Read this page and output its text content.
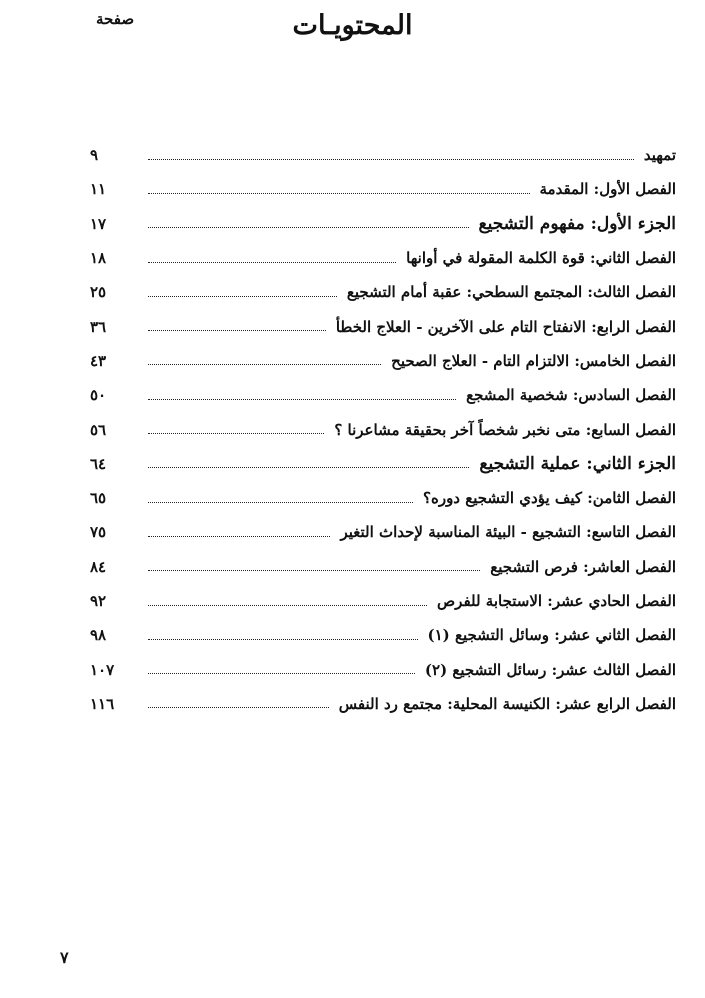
المحتويـات
صفحة
تمهيد
٩
الفصل الأول: المقدمة
١١
الجزء الأول: مفهوم التشجيع
١٧
الفصل الثاني: قوة الكلمة المقولة في أوانها
١٨
الفصل الثالث: المجتمع السطحي: عقبة أمام التشجيع
٢٥
الفصل الرابع: الانفتاح التام على الآخرين - العلاج الخطأ
٣٦
الفصل الخامس: الالتزام التام - العلاج الصحيح
٤٣
الفصل السادس: شخصية المشجع
٥٠
الفصل السابع: متى نخبر شخصاً آخر بحقيقة مشاعرنا ؟
٥٦
الجزء الثاني: عملية التشجيع
٦٤
الفصل الثامن: كيف يؤدي التشجيع دوره؟
٦٥
الفصل التاسع: التشجيع - البيئة المناسبة لإحداث التغير
٧٥
الفصل العاشر: فرص التشجيع
٨٤
الفصل الحادي عشر: الاستجابة للفرص
٩٢
الفصل الثاني عشر: وسائل التشجيع (١)
٩٨
الفصل الثالث عشر: رسائل التشجيع (٢)
١٠٧
الفصل الرابع عشر: الكنيسة المحلية: مجتمع رد النفس
١١٦
٧
